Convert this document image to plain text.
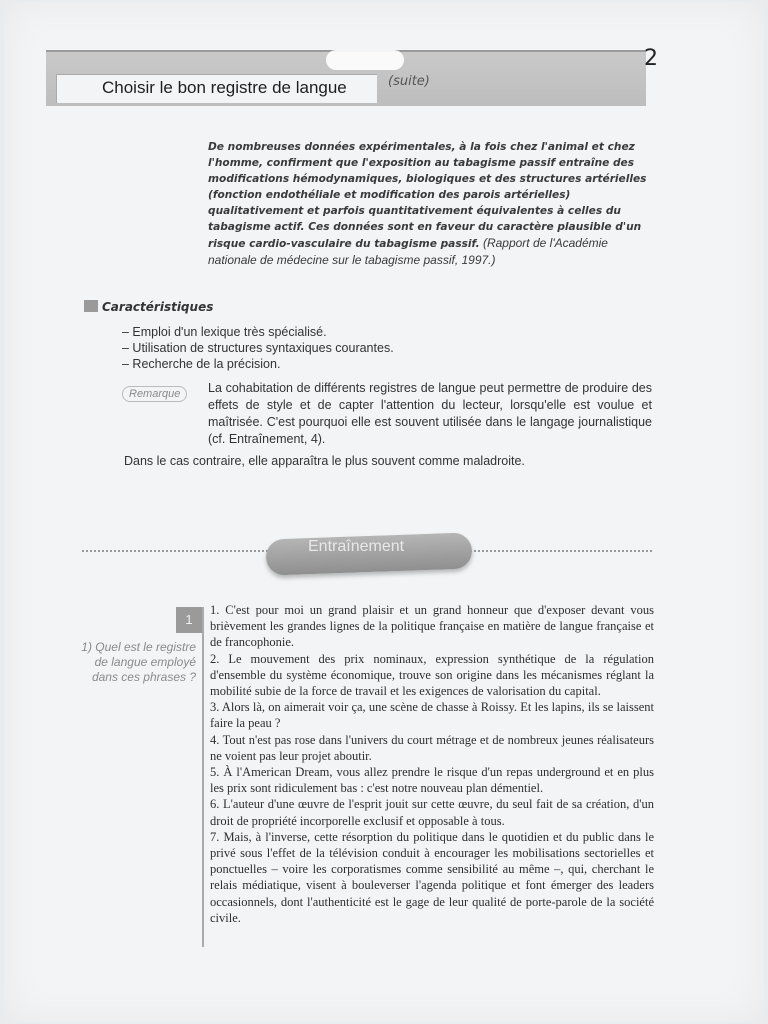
Choisir le bon registre de langue	(suite)
2
De nombreuses données expérimentales, à la fois chez l'animal et chez l'homme, confirment que l'exposition au tabagisme passif entraîne des modifications hémodynamiques, biologiques et des structures artérielles (fonction endothéliale et modification des parois artérielles) qualitativement et parfois quantitativement équivalentes à celles du tabagisme actif. Ces données sont en faveur du caractère plausible d'un risque cardio-vasculaire du tabagisme passif. (Rapport de l'Académie nationale de médecine sur le tabagisme passif, 1997.)
Caractéristiques
– Emploi d'un lexique très spécialisé.
– Utilisation de structures syntaxiques courantes.
– Recherche de la précision.
Remarque	La cohabitation de différents registres de langue peut permettre de produire des effets de style et de capter l'attention du lecteur, lorsqu'elle est voulue et maîtrisée. C'est pourquoi elle est souvent utilisée dans le langage journalistique (cf. Entraînement, 4).
Dans le cas contraire, elle apparaîtra le plus souvent comme maladroite.
Entraînement
1
1) Quel est le registre de langue employé dans ces phrases ?
1. C'est pour moi un grand plaisir et un grand honneur que d'exposer devant vous brièvement les grandes lignes de la politique française en matière de langue française et de francophonie.
2. Le mouvement des prix nominaux, expression synthétique de la régulation d'ensemble du système économique, trouve son origine dans les mécanismes réglant la mobilité subie de la force de travail et les exigences de valorisation du capital.
3. Alors là, on aimerait voir ça, une scène de chasse à Roissy. Et les lapins, ils se laissent faire la peau ?
4. Tout n'est pas rose dans l'univers du court métrage et de nombreux jeunes réalisateurs ne voient pas leur projet aboutir.
5. À l'American Dream, vous allez prendre le risque d'un repas underground et en plus les prix sont ridiculement bas : c'est notre nouveau plan démentiel.
6. L'auteur d'une œuvre de l'esprit jouit sur cette œuvre, du seul fait de sa création, d'un droit de propriété incorporelle exclusif et opposable à tous.
7. Mais, à l'inverse, cette résorption du politique dans le quotidien et du public dans le privé sous l'effet de la télévision conduit à encourager les mobilisations sectorielles et ponctuelles – voire les corporatismes comme sensibilité au même –, qui, cherchant le relais médiatique, visent à bouleverser l'agenda politique et font émerger des leaders occasionnels, dont l'authenticité est le gage de leur qualité de porte-parole de la société civile.
